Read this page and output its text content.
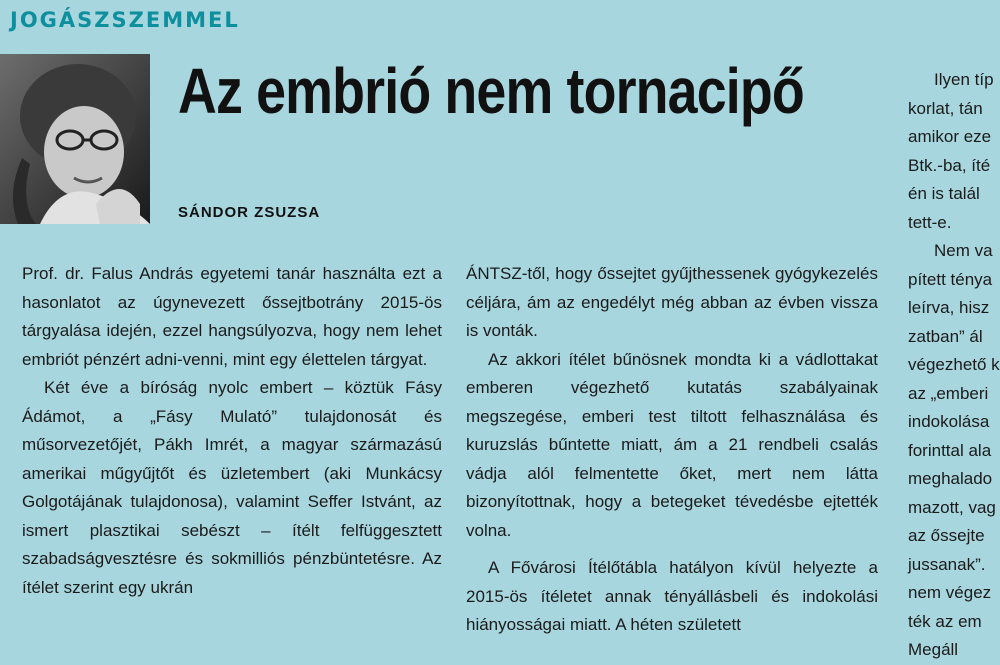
JOGÁSZSZEMMEL
Az embrió nem tornacipő
SÁNDOR ZSUZSA

Prof. dr. Falus András egyetemi tanár használta ezt a hasonlatot az úgynevezett őssejtbotrány 2015-ös tárgyalása idején, ezzel hangsúlyozva, hogy nem lehet embriót pénzért adni-venni, mint egy élettelen tárgyat.

Két éve a bíróság nyolc embert – köztük Fásy Ádámot, a „Fásy Mulató” tulajdonosát és műsorvezetőjét, Pákh Imrét, a magyar származású amerikai műgyűjtőt és üzletembert (aki Munkácsy Golgotájának tulajdonosa), valamint Seffer Istvánt, az ismert plasztikai sebészt – ítélt felfüggesztett szabadságvesztésre és sokmilliós pénzbüntetésre. Az ítélet szerint egy ukrán

ÁNTSZ-től, hogy őssejtet gyűjthessenek gyógykezelés céljára, ám az engedélyt még abban az évben vissza is vonták.

Az akkori ítélet bűnösnek mondta ki a vádlottakat emberen végezhető kutatás szabályainak megszegése, emberi test tiltott felhasználása és kuruzslás bűntette miatt, ám a 21 rendbeli csalás vádja alól felmentette őket, mert nem látta bizonyítottnak, hogy a betegeket tévedésbe ejtették volna.

A Fővárosi Ítélőtábla hatályon kívül helyezte a 2015-ös ítéletet annak tényállásbeli és indokolási hiányosságai miatt. A héten született

Ilyen típ
korlat, tán
amikor eze
Btk.-ba, íté
én is talál
tett-e.
Nem va
pített ténya
leírva, hisz
zatban” ál
végezhető k
az „emberi
indokolása
forinttal ala
meghalado
mazott, vag
az őssejte
jussanak”.
nem végez
ték az em
Megáll
